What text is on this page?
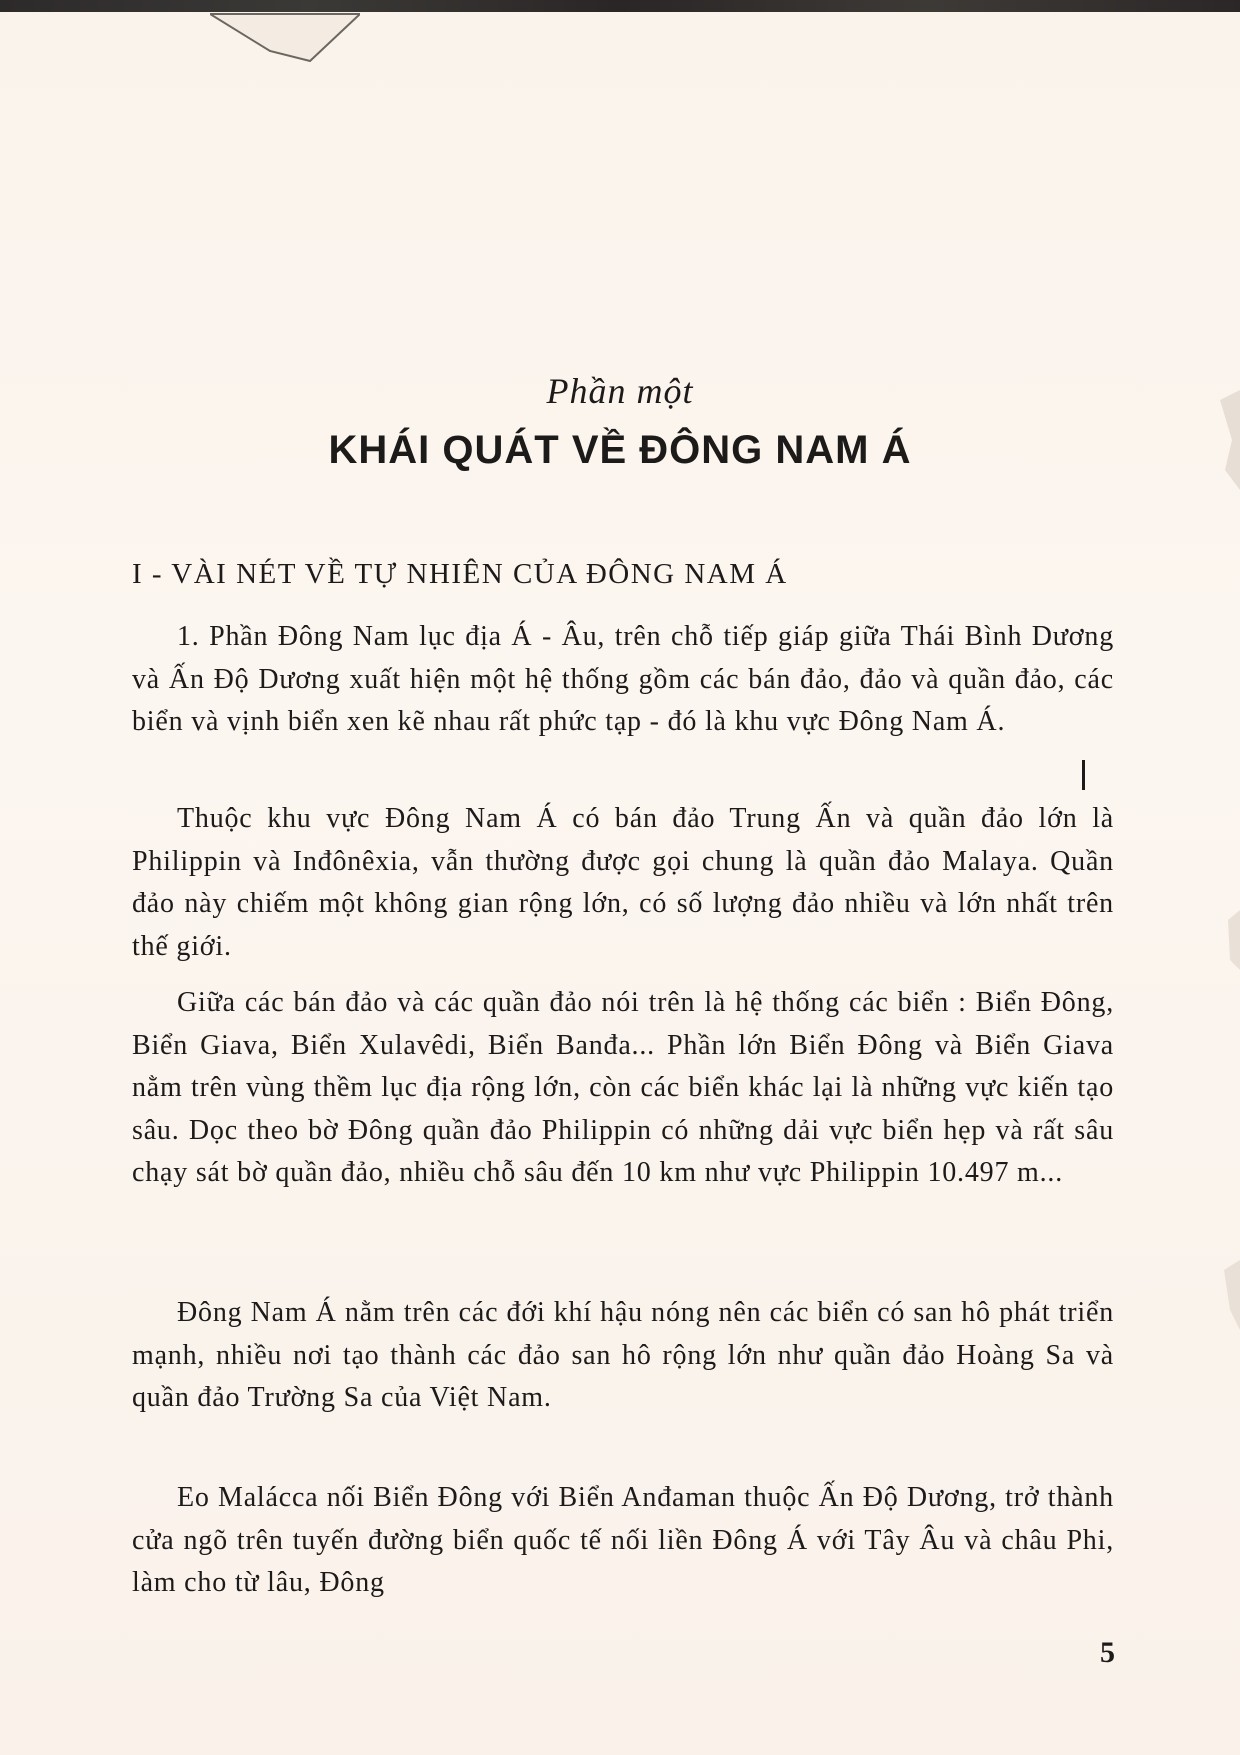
Phần một
KHÁI QUÁT VỀ ĐÔNG NAM Á
I - VÀI NÉT VỀ TỰ NHIÊN CỦA ĐÔNG NAM Á

1. Phần Đông Nam lục địa Á - Âu, trên chỗ tiếp giáp giữa Thái Bình Dương và Ấn Độ Dương xuất hiện một hệ thống gồm các bán đảo, đảo và quần đảo, các biển và vịnh biển xen kẽ nhau rất phức tạp - đó là khu vực Đông Nam Á.

Thuộc khu vực Đông Nam Á có bán đảo Trung Ấn và quần đảo lớn là Philippin và Inđônêxia, vẫn thường được gọi chung là quần đảo Malaya. Quần đảo này chiếm một không gian rộng lớn, có số lượng đảo nhiều và lớn nhất trên thế giới.

Giữa các bán đảo và các quần đảo nói trên là hệ thống các biển : Biển Đông, Biển Giava, Biển Xulavêdi, Biển Banđa... Phần lớn Biển Đông và Biển Giava nằm trên vùng thềm lục địa rộng lớn, còn các biển khác lại là những vực kiến tạo sâu. Dọc theo bờ Đông quần đảo Philippin có những dải vực biển hẹp và rất sâu chạy sát bờ quần đảo, nhiều chỗ sâu đến 10 km như vực Philippin 10.497 m...

Đông Nam Á nằm trên các đới khí hậu nóng nên các biển có san hô phát triển mạnh, nhiều nơi tạo thành các đảo san hô rộng lớn như quần đảo Hoàng Sa và quần đảo Trường Sa của Việt Nam.

Eo Malácca nối Biển Đông với Biển Anđaman thuộc Ấn Độ Dương, trở thành cửa ngõ trên tuyến đường biển quốc tế nối liền Đông Á với Tây Âu và châu Phi, làm cho từ lâu, Đông

5
